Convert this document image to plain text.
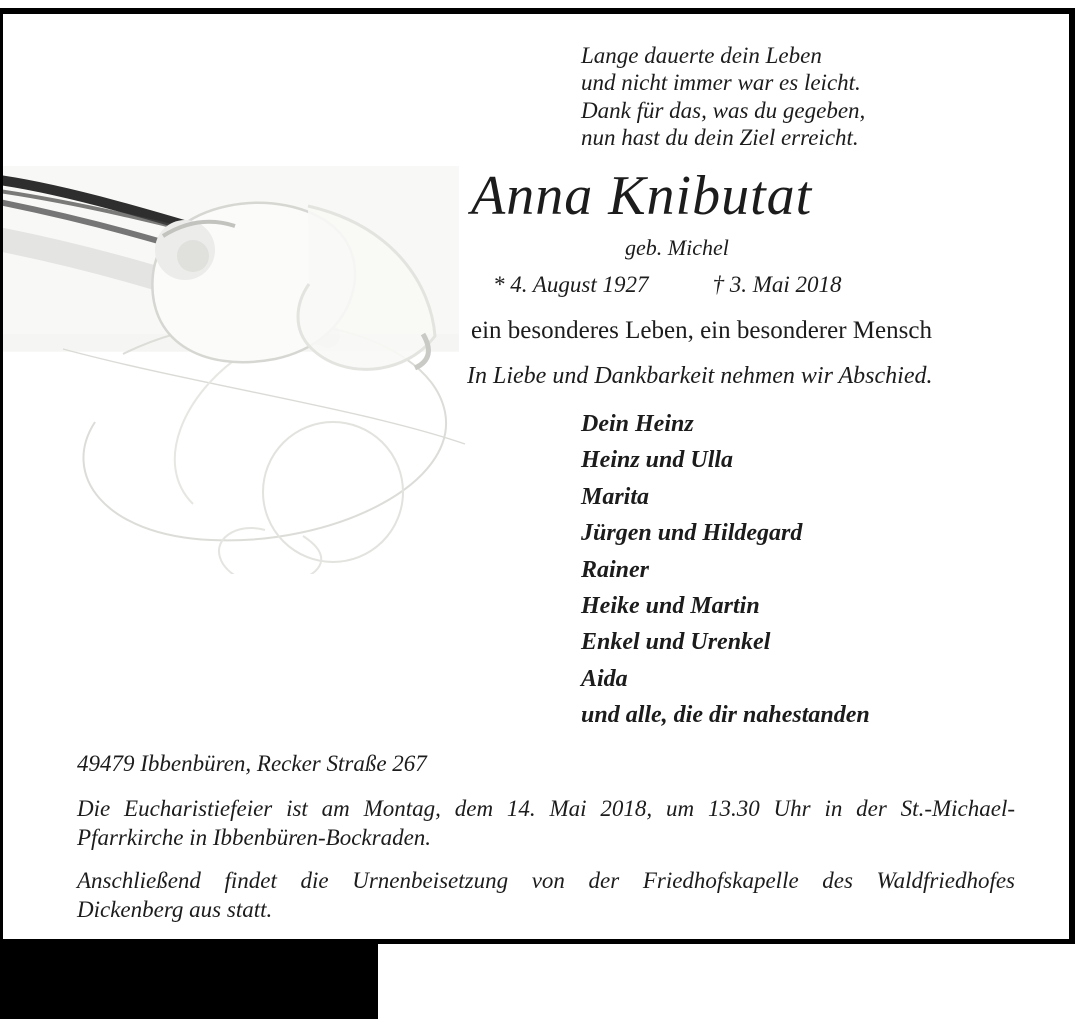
Lange dauerte dein Leben
und nicht immer war es leicht.
Dank für das, was du gegeben,
nun hast du dein Ziel erreicht.
Anna Knibutat
geb. Michel
* 4. August 1927	† 3. Mai 2018
ein besonderes Leben, ein besonderer Mensch
In Liebe und Dankbarkeit nehmen wir Abschied.
Dein Heinz
Heinz und Ulla
Marita
Jürgen und Hildegard
Rainer
Heike und Martin
Enkel und Urenkel
Aida
und alle, die dir nahestanden
49479 Ibbenbüren, Recker Straße 267
Die Eucharistiefeier ist am Montag, dem 14. Mai 2018, um 13.30 Uhr in der St.-Michael-
Pfarrkirche in Ibbenbüren-Bockraden.
Anschließend findet die Urnenbeisetzung von der Friedhofskapelle des Waldfriedhofes
Dickenberg aus statt.
